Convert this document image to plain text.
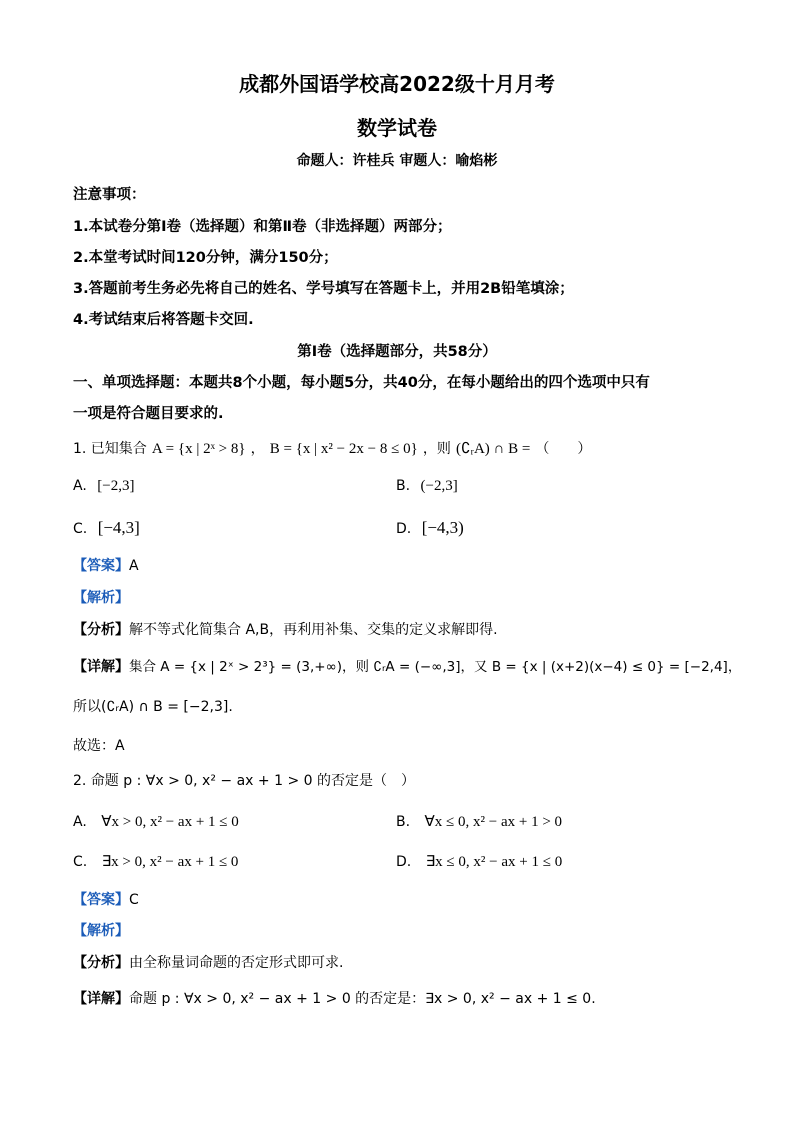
成都外国语学校高2022级十月月考
数学试卷
命题人：许桂兵 审题人：喻焰彬
注意事项：
1.本试卷分第Ⅰ卷（选择题）和第Ⅱ卷（非选择题）两部分；
2.本堂考试时间120分钟，满分150分；
3.答题前考生务必先将自己的姓名、学号填写在答题卡上，并用2B铅笔填涂；
4.考试结束后将答题卡交回.
第Ⅰ卷（选择题部分，共58分）
一、单项选择题：本题共8个小题，每小题5分，共40分，在每小题给出的四个选项中只有
一项是符合题目要求的.
1. 已知集合 A = {x | 2ˣ > 8} ， B = {x | x² − 2x − 8 ≤ 0} ，则 (∁ᵣA) ∩ B = （　　）
A. [−2,3]	B. (−2,3]
C. [−4,3]	D. [−4,3)
【答案】A
【解析】
【分析】解不等式化简集合 A,B，再利用补集、交集的定义求解即得.
【详解】集合 A = {x | 2ˣ > 2³} = (3,+∞)，则 ∁ᵣA = (−∞,3]，又 B = {x | (x+2)(x−4) ≤ 0} = [−2,4]，
所以(∁ᵣA) ∩ B = [−2,3].
故选：A
2. 命题 p : ∀x > 0, x² − ax + 1 > 0 的否定是（　）
A. ∀x > 0, x² − ax + 1 ≤ 0	B. ∀x ≤ 0, x² − ax + 1 > 0
C. ∃x > 0, x² − ax + 1 ≤ 0	D. ∃x ≤ 0, x² − ax + 1 ≤ 0
【答案】C
【解析】
【分析】由全称量词命题的否定形式即可求.
【详解】命题 p : ∀x > 0, x² − ax + 1 > 0 的否定是：∃x > 0, x² − ax + 1 ≤ 0.
